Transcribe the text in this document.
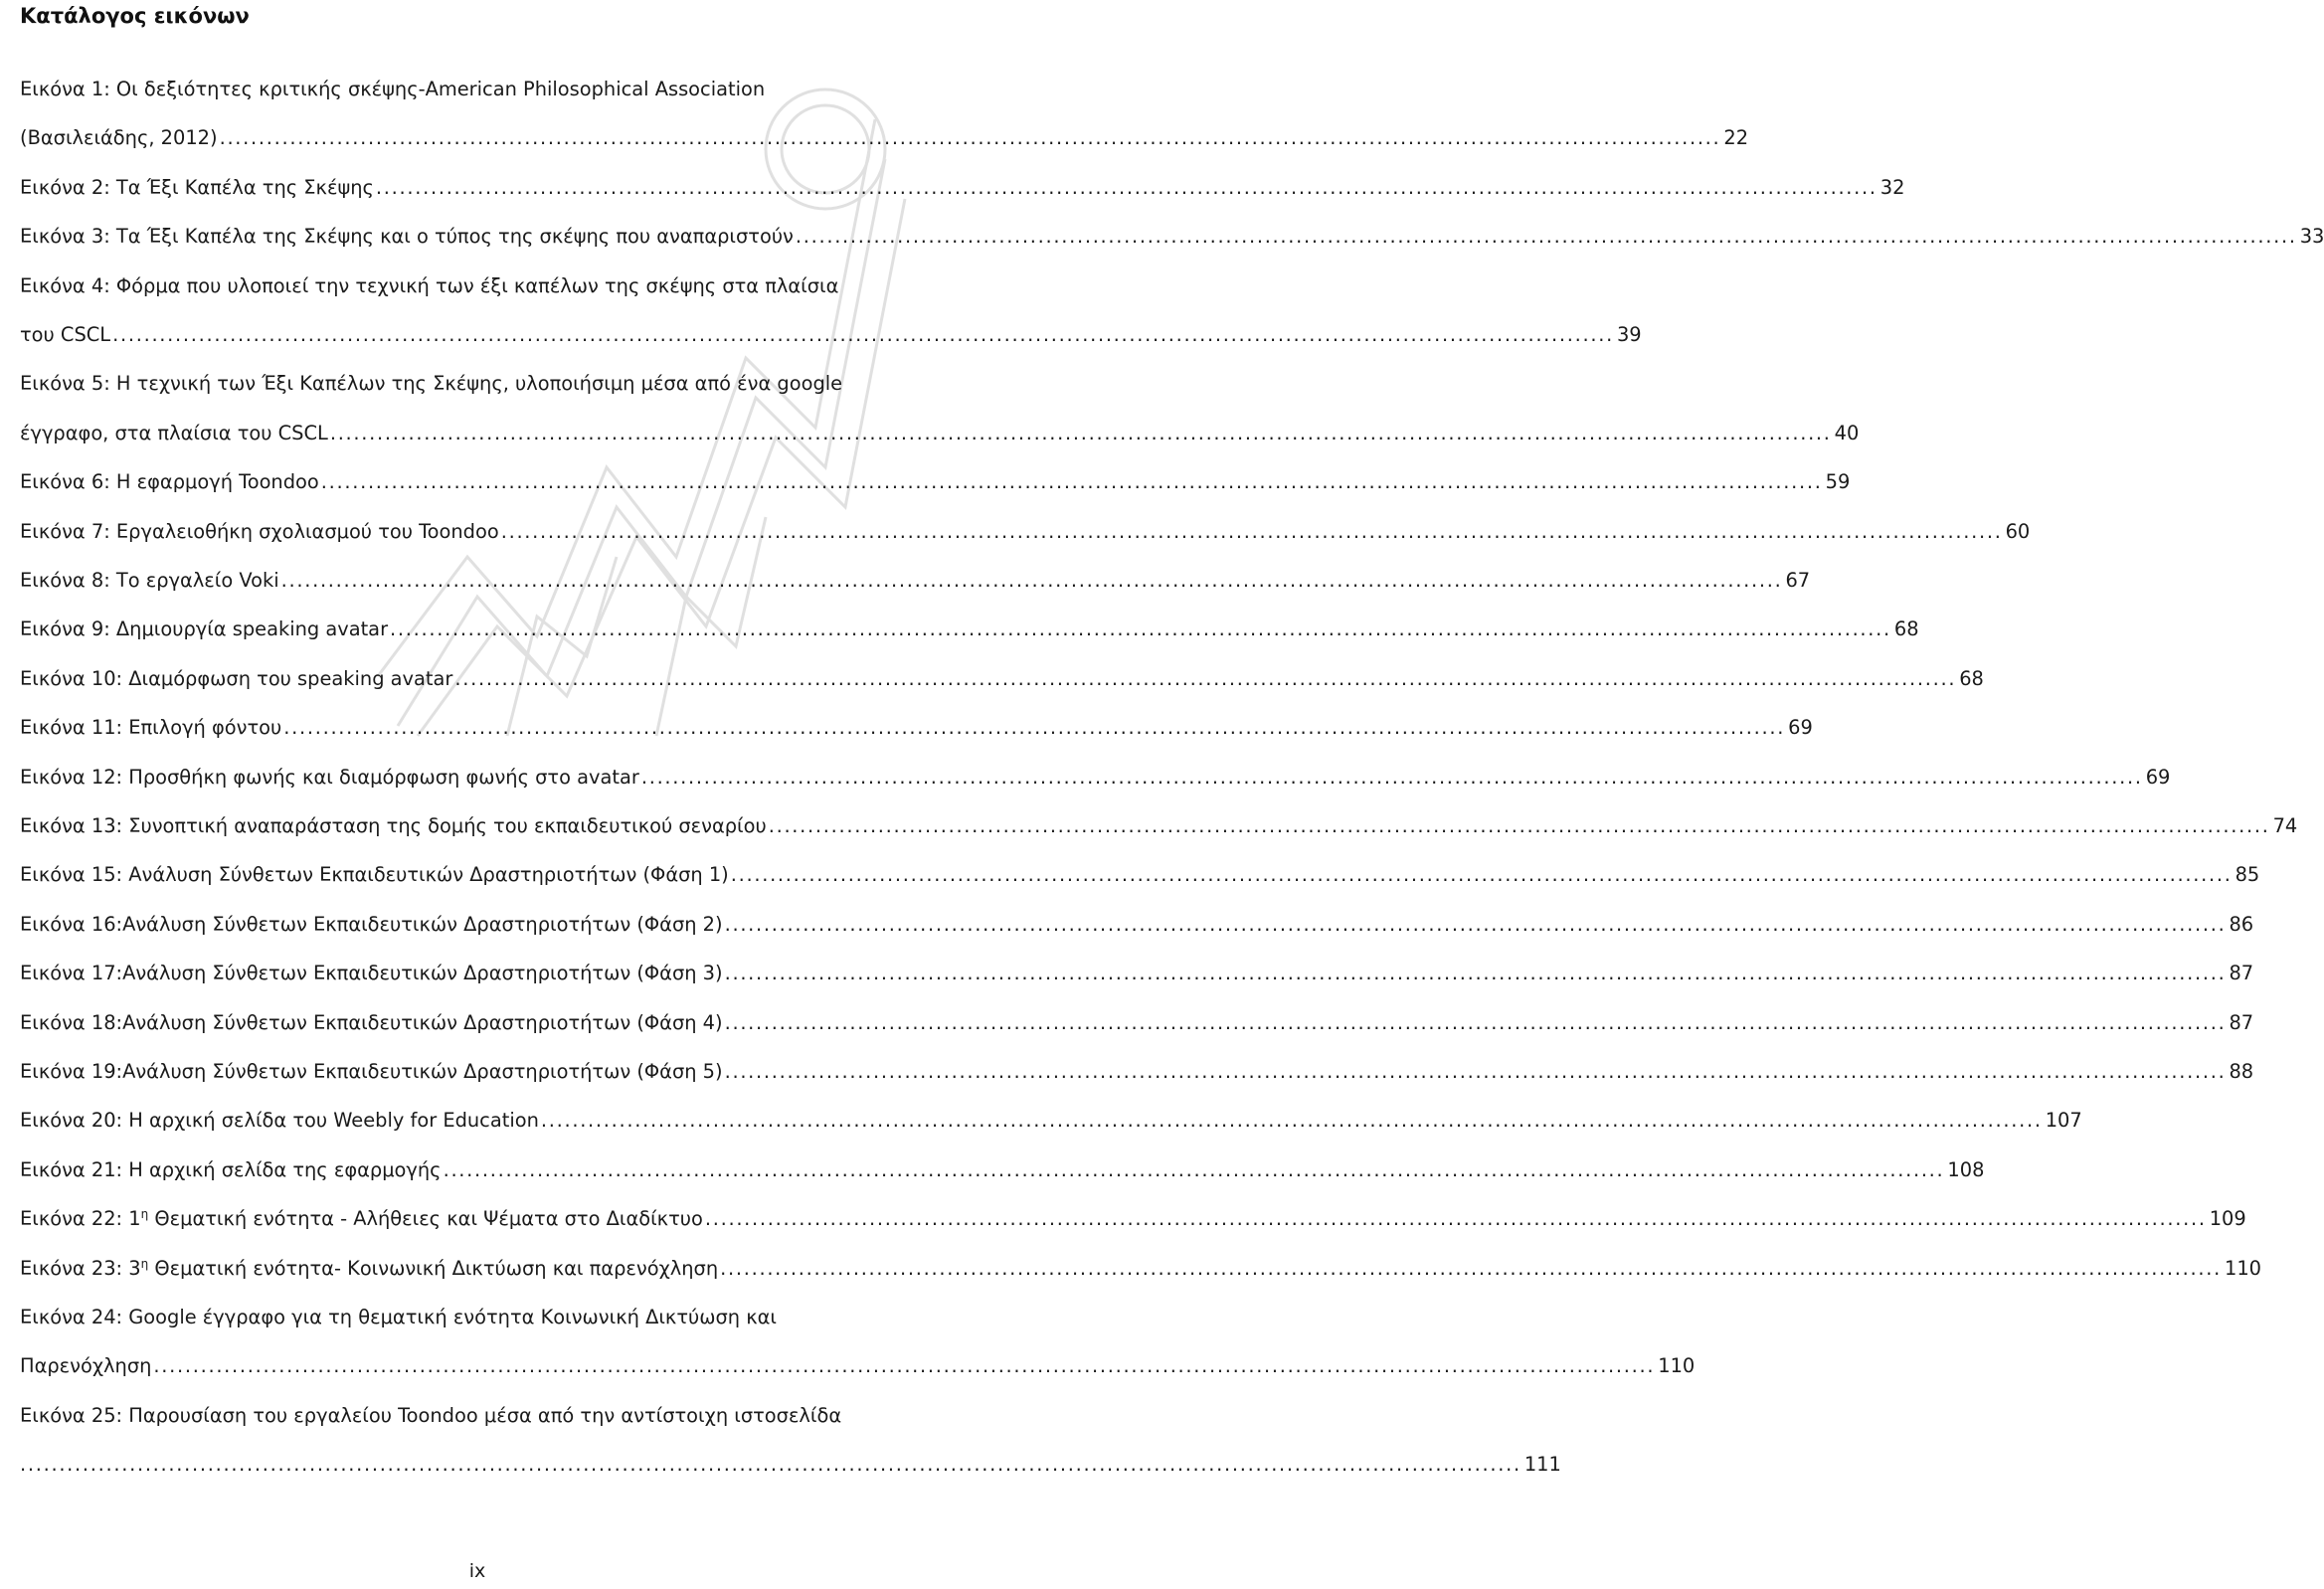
Κατάλογος εικόνων
Εικόνα 1: Οι δεξιότητες κριτικής σκέψης-American Philosophical Association
(Βασιλειάδης, 2012) ................................................................................................................................................................................................ 22
Εικόνα 2: Τα Έξι Καπέλα της Σκέψης ................................................................................................................................................................................................ 32
Εικόνα 3: Τα Έξι Καπέλα της Σκέψης και ο τύπος της σκέψης που αναπαριστούν ................................................................................................................................................................................................ 33
Εικόνα 4: Φόρμα που υλοποιεί την τεχνική των έξι καπέλων της σκέψης στα πλαίσια
του CSCL ................................................................................................................................................................................................ 39
Εικόνα 5: Η τεχνική των Έξι Καπέλων της Σκέψης, υλοποιήσιμη μέσα από ένα google
έγγραφο, στα πλαίσια του CSCL ................................................................................................................................................................................................ 40
Εικόνα 6: Η εφαρμογή Toondoo ................................................................................................................................................................................................ 59
Εικόνα 7: Εργαλειοθήκη σχολιασμού του Toondoo ................................................................................................................................................................................................ 60
Εικόνα 8: Το εργαλείο Voki ................................................................................................................................................................................................ 67
Εικόνα 9: Δημιουργία speaking avatar ................................................................................................................................................................................................ 68
Εικόνα 10: Διαμόρφωση του speaking avatar ................................................................................................................................................................................................ 68
Εικόνα 11: Επιλογή φόντου ................................................................................................................................................................................................ 69
Εικόνα 12: Προσθήκη φωνής και διαμόρφωση φωνής στο avatar ................................................................................................................................................................................................ 69
Εικόνα 13: Συνοπτική αναπαράσταση της δομής του εκπαιδευτικού σεναρίου ................................................................................................................................................................................................ 74
Εικόνα 15: Ανάλυση Σύνθετων Εκπαιδευτικών Δραστηριοτήτων (Φάση 1) ................................................................................................................................................................................................ 85
Εικόνα 16:Ανάλυση Σύνθετων Εκπαιδευτικών Δραστηριοτήτων (Φάση 2) ................................................................................................................................................................................................ 86
Εικόνα 17:Ανάλυση Σύνθετων Εκπαιδευτικών Δραστηριοτήτων (Φάση 3) ................................................................................................................................................................................................ 87
Εικόνα 18:Ανάλυση Σύνθετων Εκπαιδευτικών Δραστηριοτήτων (Φάση 4) ................................................................................................................................................................................................ 87
Εικόνα 19:Ανάλυση Σύνθετων Εκπαιδευτικών Δραστηριοτήτων (Φάση 5) ................................................................................................................................................................................................ 88
Εικόνα 20: Η αρχική σελίδα του Weebly for Education ................................................................................................................................................................................................ 107
Εικόνα 21: Η αρχική σελίδα της εφαρμογής ................................................................................................................................................................................................ 108
Εικόνα 22: $1^\eta$ Θεματική ενότητα - Αλήθειες και Ψέματα στο Διαδίκτυο ................................................................................................................................................................................................ 109
Εικόνα 23: $3^\eta$ Θεματική ενότητα- Κοινωνική Δικτύωση και παρενόχληση ................................................................................................................................................................................................ 110
Εικόνα 24: Google έγγραφο για τη θεματική ενότητα Κοινωνική Δικτύωση και
Παρενόχληση ................................................................................................................................................................................................ 110
Εικόνα 25: Παρουσίαση του εργαλείου Toondoo μέσα από την αντίστοιχη ιστοσελίδα
................................................................................................................................................................................................ 111
ix
